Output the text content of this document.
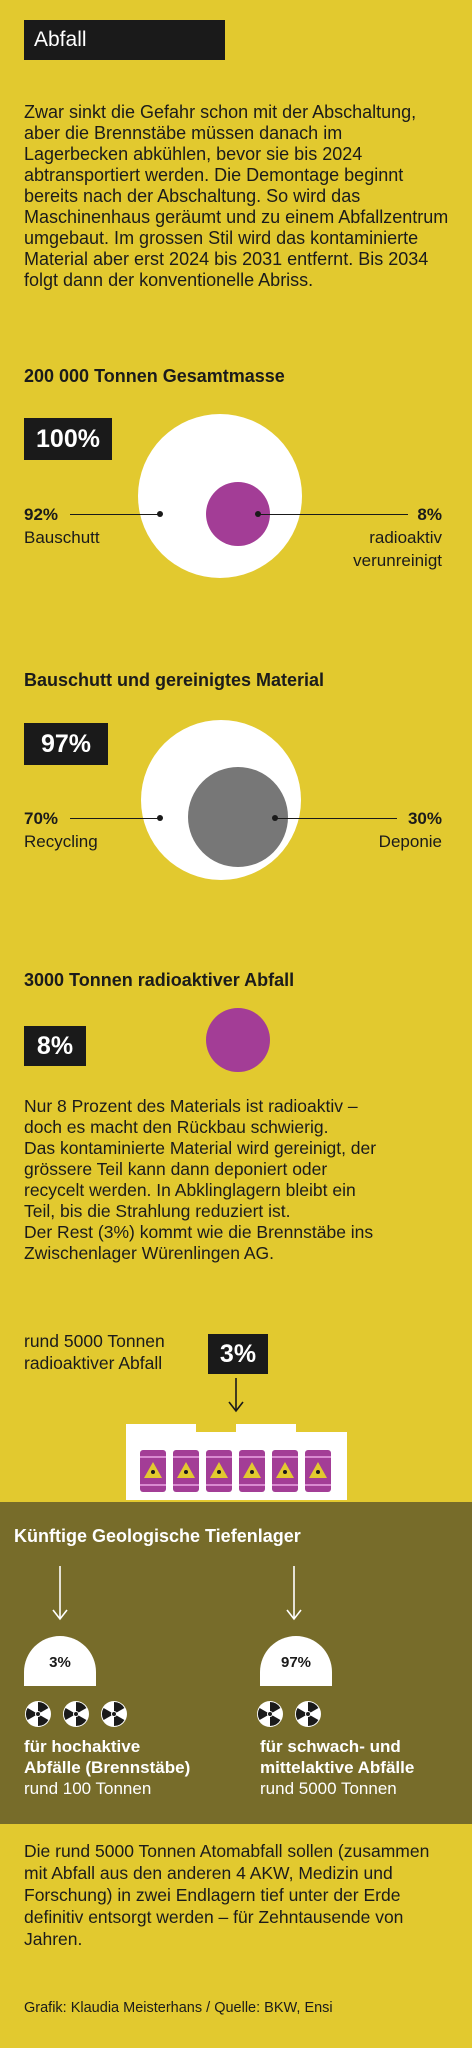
Abfall
Zwar sinkt die Gefahr schon mit der Abschaltung, aber die Brennstäbe müssen danach im Lagerbecken abkühlen, bevor sie bis 2024 abtransportiert werden. Die Demontage beginnt bereits nach der Abschaltung. So wird das Maschinenhaus geräumt und zu einem Abfallzentrum umgebaut. Im grossen Stil wird das kontaminierte Material aber erst 2024 bis 2031 entfernt. Bis 2034 folgt dann der konventionelle Abriss.
200 000 Tonnen Gesamtmasse
100%
92%
Bauschutt
8%
radioaktiv
verunreinigt
Bauschutt und gereinigtes Material
97%
70%
Recycling
30%
Deponie
3000 Tonnen radioaktiver Abfall
8%
Nur 8 Prozent des Materials ist radioaktiv –
doch es macht den Rückbau schwierig.
Das kontaminierte Material wird gereinigt, der
grössere Teil kann dann deponiert oder
recycelt werden. In Abklinglagern bleibt ein
Teil, bis die Strahlung reduziert ist.
Der Rest (3%) kommt wie die Brennstäbe ins
Zwischenlager Würenlingen AG.
rund 5000 Tonnen
radioaktiver Abfall	3%
Künftige Geologische Tiefenlager
3%	97%
für hochaktive
Abfälle (Brennstäbe)
rund 100 Tonnen
für schwach- und
mittelaktive Abfälle
rund 5000 Tonnen
Die rund 5000 Tonnen Atomabfall sollen (zusammen mit Abfall aus den anderen 4 AKW, Medizin und Forschung) in zwei Endlagern tief unter der Erde definitiv entsorgt werden – für Zehntausende von Jahren.
Grafik: Klaudia Meisterhans / Quelle: BKW, Ensi
